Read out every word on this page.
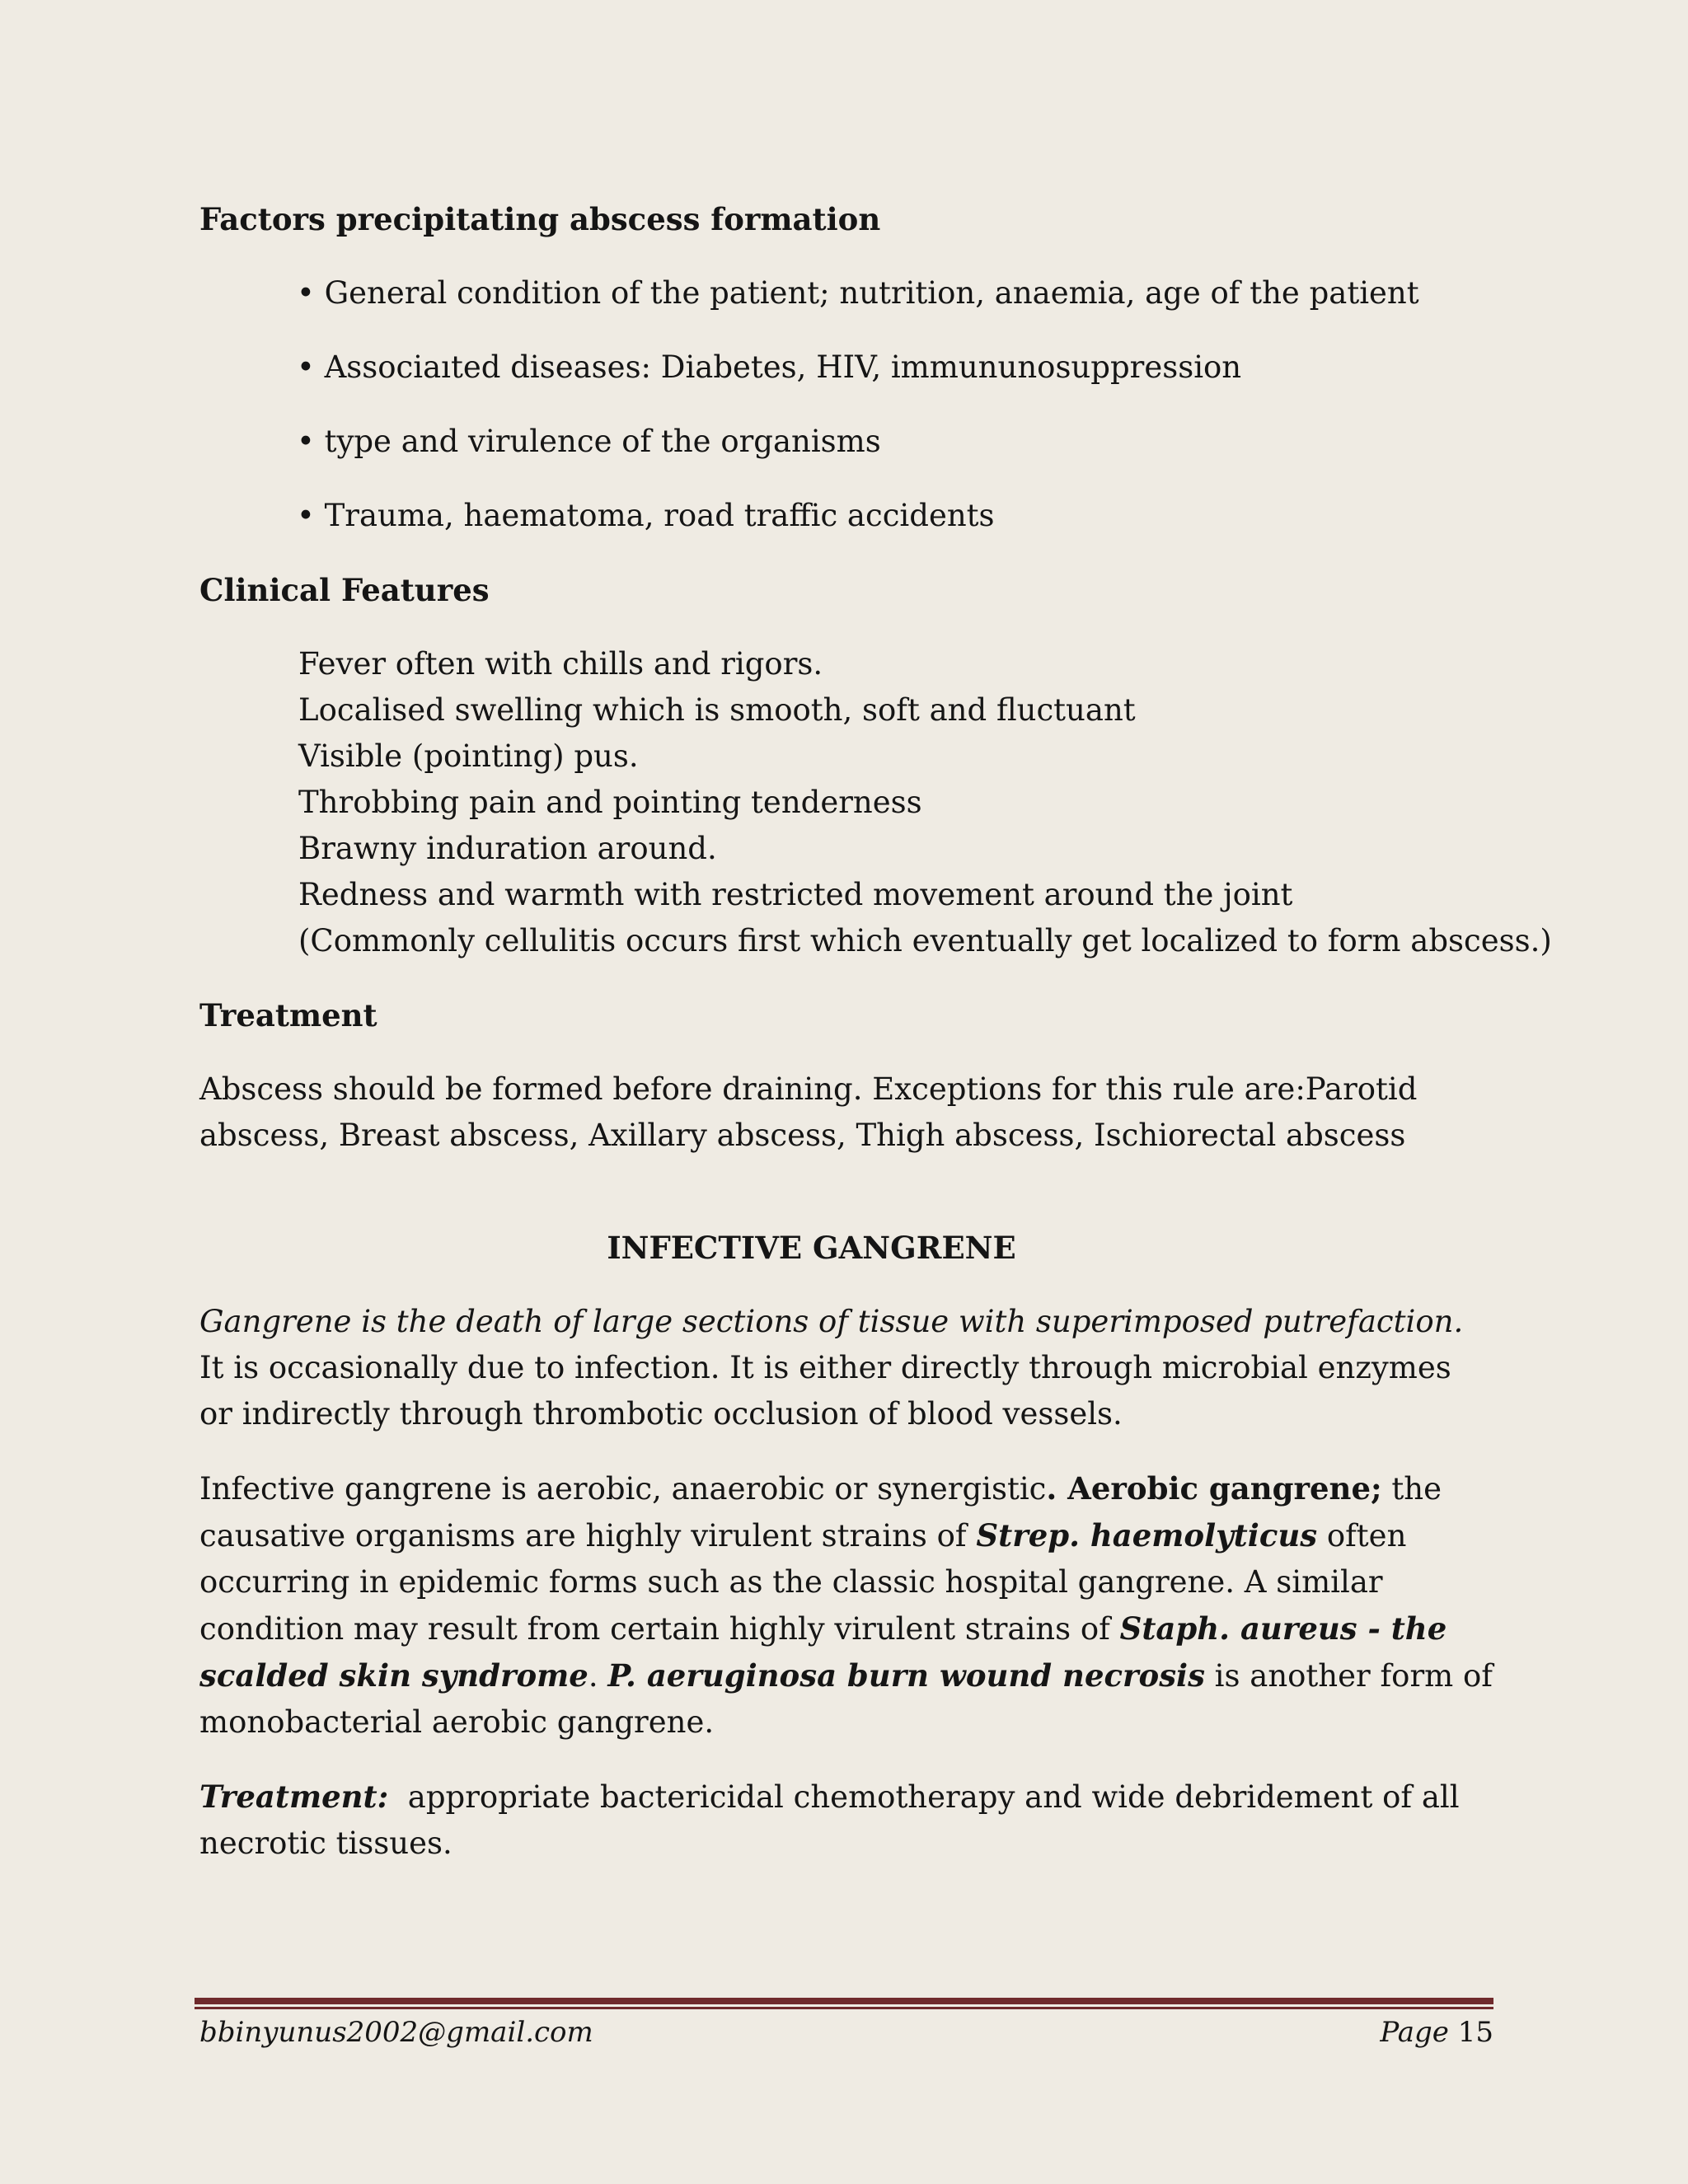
Factors precipitating abscess formation
• General condition of the patient; nutrition, anaemia, age of the patient
• Associaıted diseases: Diabetes, HIV, immununosuppression
• type and virulence of the organisms
• Trauma, haematoma, road traffic accidents
Clinical Features
Fever often with chills and rigors.
Localised swelling which is smooth, soft and fluctuant
Visible (pointing) pus.
Throbbing pain and pointing tenderness
Brawny induration around.
Redness and warmth with restricted movement around the joint
(Commonly cellulitis occurs first which eventually get localized to form abscess.)
Treatment
Abscess should be formed before draining. Exceptions for this rule are:Parotid abscess, Breast abscess, Axillary abscess, Thigh abscess, Ischiorectal abscess
INFECTIVE GANGRENE
Gangrene is the death of large sections of tissue with superimposed putrefaction. It is occasionally due to infection. It is either directly through microbial enzymes or indirectly through thrombotic occlusion of blood vessels.
Infective gangrene is aerobic, anaerobic or synergistic. Aerobic gangrene; the causative organisms are highly virulent strains of Strep. haemolyticus often occurring in epidemic forms such as the classic hospital gangrene. A similar condition may result from certain highly virulent strains of Staph. aureus - the scalded skin syndrome. P. aeruginosa burn wound necrosis is another form of monobacterial aerobic gangrene.
Treatment:  appropriate bactericidal chemotherapy and wide debridement of all necrotic tissues.
bbinyunus2002@gmail.com	Page 15
